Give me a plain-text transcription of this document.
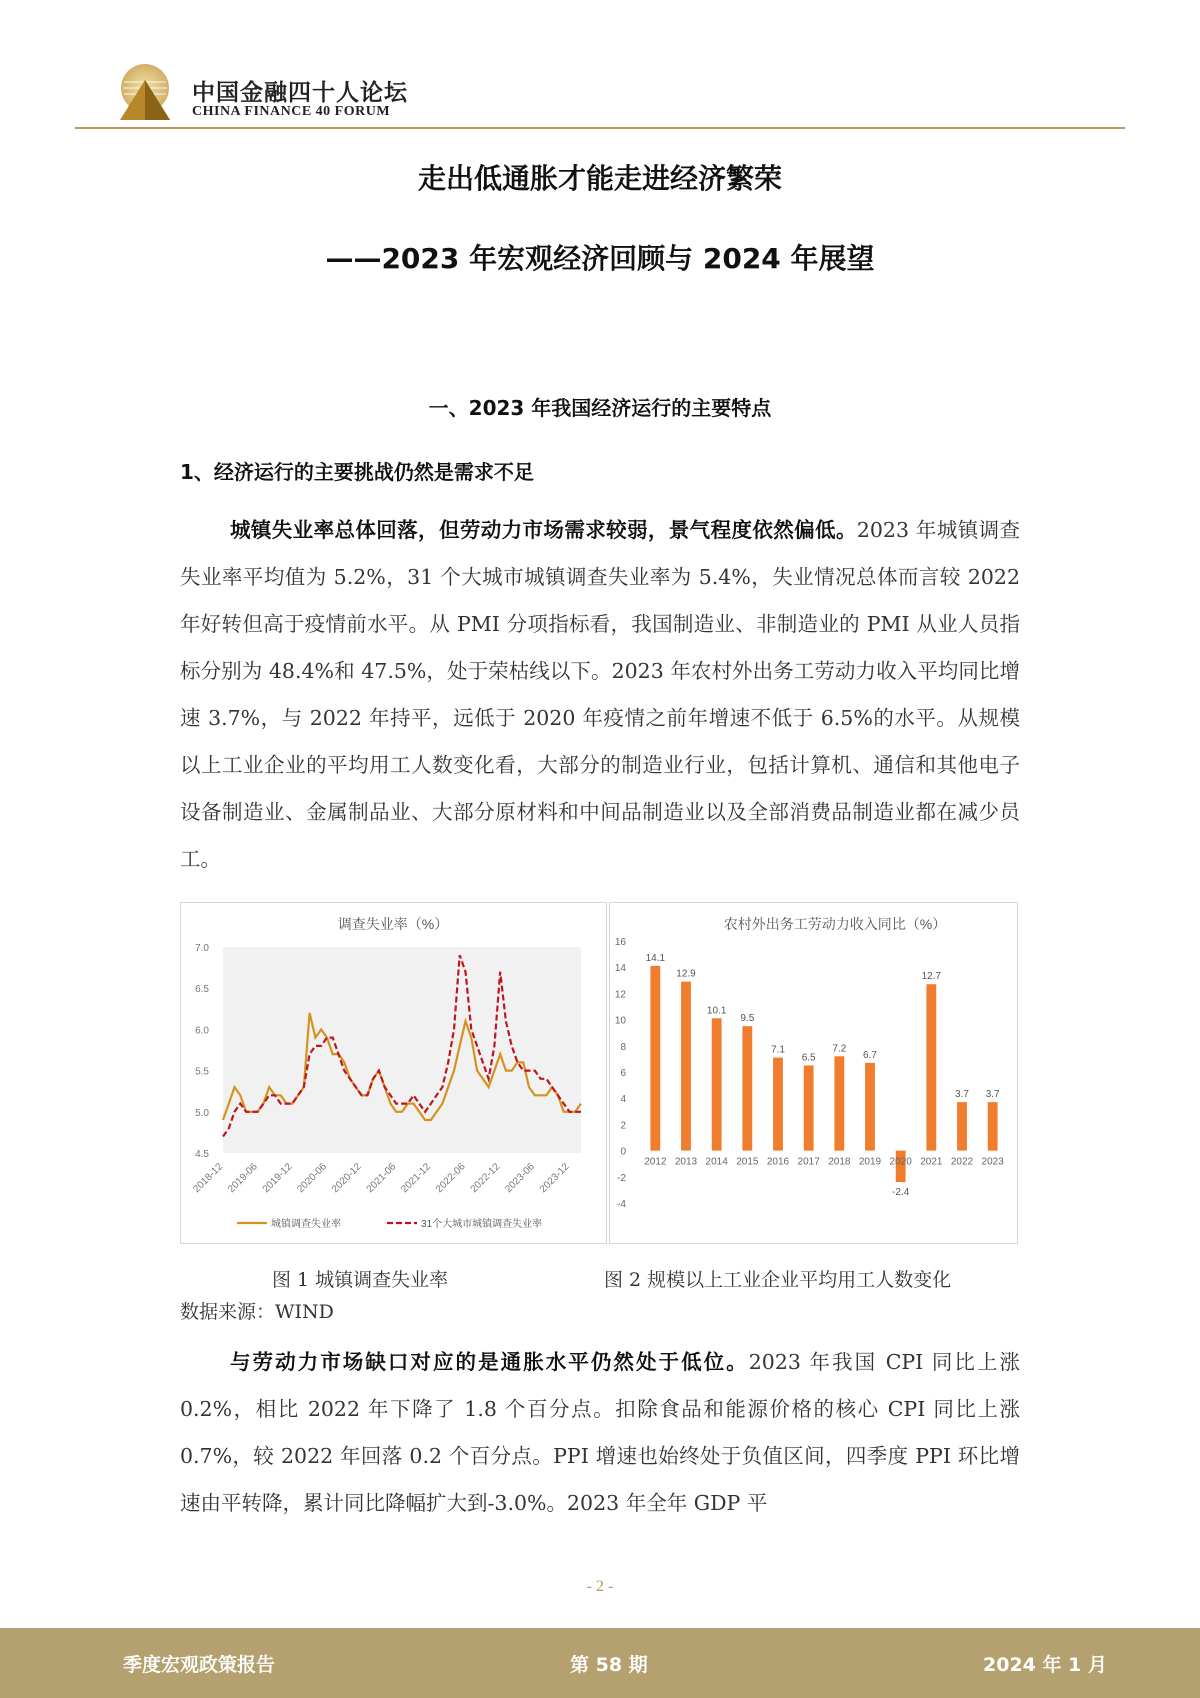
中国金融四十人论坛
CHINA FINANCE 40 FORUM
走出低通胀才能走进经济繁荣
——2023 年宏观经济回顾与 2024 年展望
一、2023 年我国经济运行的主要特点
1、经济运行的主要挑战仍然是需求不足

城镇失业率总体回落，但劳动力市场需求较弱，景气程度依然偏低。2023 年城镇调查失业率平均值为 5.2%，31 个大城市城镇调查失业率为 5.4%，失业情况总体而言较 2022 年好转但高于疫情前水平。从 PMI 分项指标看，我国制造业、非制造业的 PMI 从业人员指标分别为 48.4%和 47.5%，处于荣枯线以下。2023 年农村外出务工劳动力收入平均同比增速 3.7%，与 2022 年持平，远低于 2020 年疫情之前年增速不低于 6.5%的水平。从规模以上工业企业的平均用工人数变化看，大部分的制造业行业，包括计算机、通信和其他电子设备制造业、金属制品业、大部分原材料和中间品制造业以及全部消费品制造业都在减少员工。

调查失业率（%）
4.5
5.0
5.5
6.0
6.5
7.0
2018-12 2019-06 2019-12 2020-06 2020-12 2021-06 2021-12 2022-06 2022-12 2023-06 2023-12
城镇调查失业率	31个大城市城镇调查失业率
农村外出务工劳动力收入同比（%）
-4
-2
0
2
4
6
8
10
12
14
16
2012
14.1
2013
12.9
2014
10.1
2015
9.5
2016
7.1
2017
6.5
2018
7.2
2019
6.7
2020
-2.4
2021
12.7
2022
3.7
2023
3.7
图 1 城镇调查失业率	图 2 规模以上工业企业平均用工人数变化
数据来源：WIND

与劳动力市场缺口对应的是通胀水平仍然处于低位。2023 年我国 CPI 同比上涨 0.2%，相比 2022 年下降了 1.8 个百分点。扣除食品和能源价格的核心 CPI 同比上涨 0.7%，较 2022 年回落 0.2 个百分点。PPI 增速也始终处于负值区间，四季度 PPI 环比增速由平转降，累计同比降幅扩大到-3.0%。2023 年全年 GDP 平

- 2 -
季度宏观政策报告	第 58 期	2024 年 1 月
